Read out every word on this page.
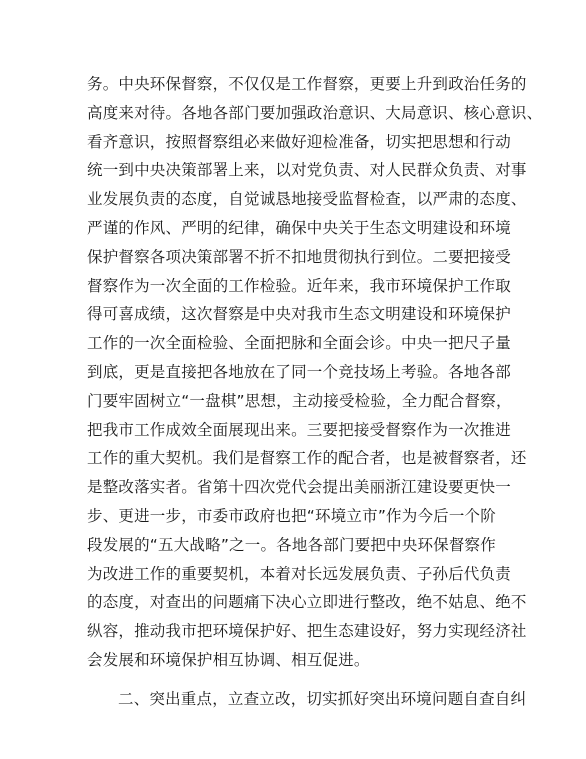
务。中央环保督察，不仅仅是工作督察，更要上升到政治任务的
高度来对待。各地各部门要加强政治意识、大局意识、核心意识、
看齐意识，按照督察组必来做好迎检准备，切实把思想和行动
统一到中央决策部署上来，以对党负责、对人民群众负责、对事
业发展负责的态度，自觉诚恳地接受监督检查，以严肃的态度、
严谨的作风、严明的纪律，确保中央关于生态文明建设和环境
保护督察各项决策部署不折不扣地贯彻执行到位。二要把接受
督察作为一次全面的工作检验。近年来，我市环境保护工作取
得可喜成绩，这次督察是中央对我市生态文明建设和环境保护
工作的一次全面检验、全面把脉和全面会诊。中央一把尺子量
到底，更是直接把各地放在了同一个竞技场上考验。各地各部
门要牢固树立“一盘棋”思想，主动接受检验，全力配合督察，
把我市工作成效全面展现出来。三要把接受督察作为一次推进
工作的重大契机。我们是督察工作的配合者，也是被督察者，还
是整改落实者。省第十四次党代会提出美丽浙江建设要更快一
步、更进一步，市委市政府也把“环境立市”作为今后一个阶
段发展的“五大战略”之一。各地各部门要把中央环保督察作
为改进工作的重要契机，本着对长远发展负责、子孙后代负责
的态度，对查出的问题痛下决心立即进行整改，绝不姑息、绝不
纵容，推动我市把环境保护好、把生态建设好，努力实现经济社
会发展和环境保护相互协调、相互促进。
二、突出重点，立查立改，切实抓好突出环境问题自查自纠
